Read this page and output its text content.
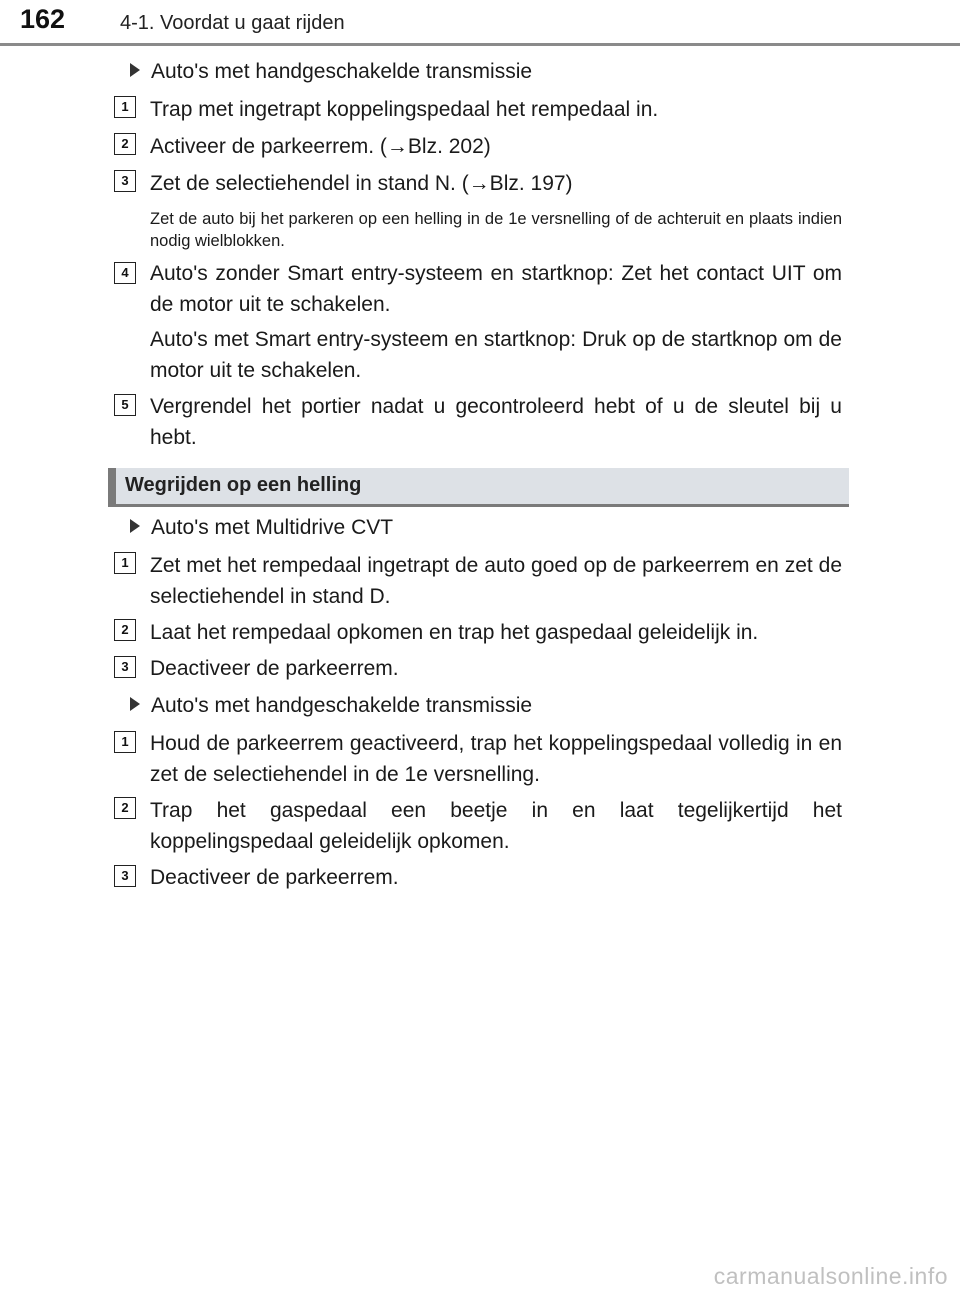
162	4-1. Voordat u gaat rijden
Auto's met handgeschakelde transmissie
1	Trap met ingetrapt koppelingspedaal het rempedaal in.
2	Activeer de parkeerrem. (→Blz. 202)
3	Zet de selectiehendel in stand N. (→Blz. 197)
Zet de auto bij het parkeren op een helling in de 1e versnelling of de achteruit en plaats indien nodig wielblokken.
4	Auto's zonder Smart entry-systeem en startknop: Zet het contact UIT om de motor uit te schakelen.
Auto's met Smart entry-systeem en startknop: Druk op de startknop om de motor uit te schakelen.
5	Vergrendel het portier nadat u gecontroleerd hebt of u de sleutel bij u hebt.
Wegrijden op een helling
Auto's met Multidrive CVT
1	Zet met het rempedaal ingetrapt de auto goed op de parkeerrem en zet de selectiehendel in stand D.
2	Laat het rempedaal opkomen en trap het gaspedaal geleidelijk in.
3	Deactiveer de parkeerrem.
Auto's met handgeschakelde transmissie
1	Houd de parkeerrem geactiveerd, trap het koppelingspedaal volledig in en zet de selectiehendel in de 1e versnelling.
2	Trap het gaspedaal een beetje in en laat tegelijkertijd het koppelingspedaal geleidelijk opkomen.
3	Deactiveer de parkeerrem.
carmanualsonline.info
